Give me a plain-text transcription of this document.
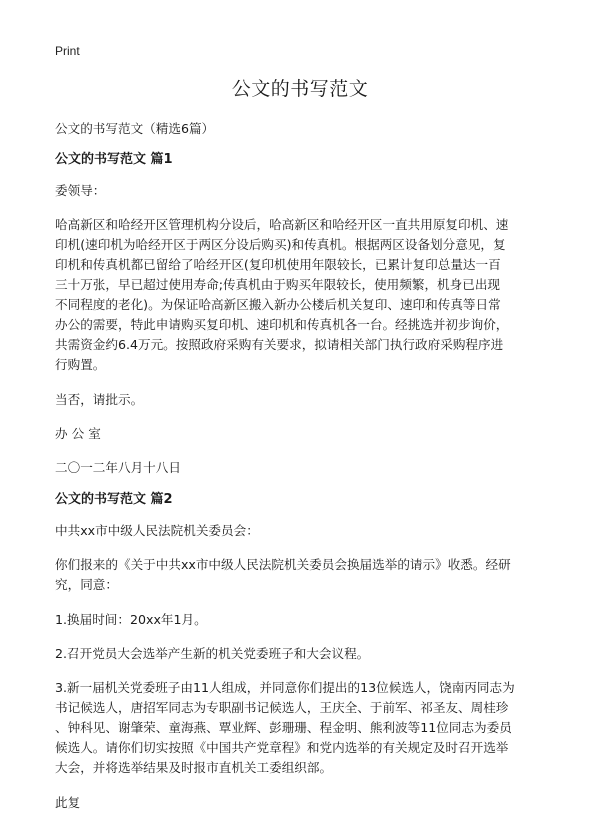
Print
公文的书写范文
公文的书写范文（精选6篇）
公文的书写范文 篇1
委领导：
哈高新区和哈经开区管理机构分设后，哈高新区和哈经开区一直共用原复印机、速
印机(速印机为哈经开区于两区分设后购买)和传真机。根据两区设备划分意见，复
印机和传真机都已留给了哈经开区(复印机使用年限较长，已累计复印总量达一百
三十万张，早已超过使用寿命;传真机由于购买年限较长，使用频繁，机身已出现
不同程度的老化)。为保证哈高新区搬入新办公楼后机关复印、速印和传真等日常
办公的需要，特此申请购买复印机、速印机和传真机各一台。经挑选并初步询价，
共需资金约6.4万元。按照政府采购有关要求，拟请相关部门执行政府采购程序进
行购置。
当否，请批示。
办 公 室
二〇一二年八月十八日
公文的书写范文 篇2
中共xx市中级人民法院机关委员会：
你们报来的《关于中共xx市中级人民法院机关委员会换届选举的请示》收悉。经研
究，同意：
1.换届时间：20xx年1月。
2.召开党员大会选举产生新的机关党委班子和大会议程。
3.新一届机关党委班子由11人组成，并同意你们提出的13位候选人，饶南丙同志为
书记候选人，唐招军同志为专职副书记候选人，王庆全、于前军、祁圣友、周桂珍
、钟科见、谢肇荣、童海燕、覃业辉、彭珊珊、程金明、熊利波等11位同志为委员
候选人。请你们切实按照《中国共产党章程》和党内选举的有关规定及时召开选举
大会，并将选举结果及时报市直机关工委组织部。
此复
